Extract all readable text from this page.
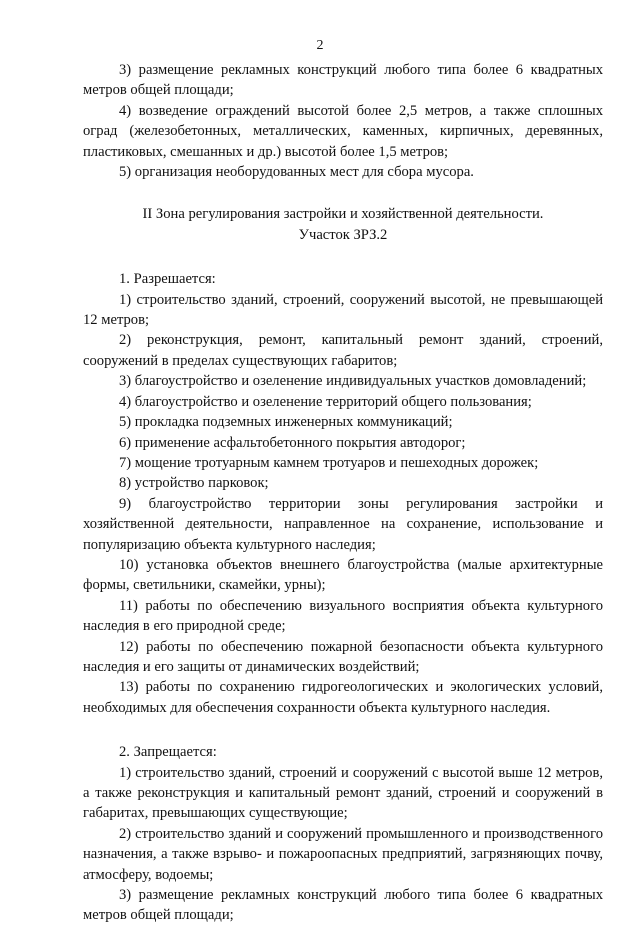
2

3) размещение рекламных конструкций любого типа более 6 квадратных метров общей площади;

4) возведение ограждений высотой более 2,5 метров, а также сплошных оград (железобетонных, металлических, каменных, кирпичных, деревянных, пластиковых, смешанных и др.) высотой более 1,5 метров;

5) организация необорудованных мест для сбора мусора.

II Зона регулирования застройки и хозяйственной деятельности.

Участок ЗРЗ.2

1. Разрешается:

1) строительство зданий, строений, сооружений высотой, не превышающей 12 метров;

2) реконструкция, ремонт, капитальный ремонт зданий, строений, сооружений в пределах существующих габаритов;

3) благоустройство и озеленение индивидуальных участков домовладений;

4) благоустройство и озеленение территорий общего пользования;

5) прокладка подземных инженерных коммуникаций;

6) применение асфальтобетонного покрытия автодорог;

7) мощение тротуарным камнем тротуаров и пешеходных дорожек;

8) устройство парковок;

9) благоустройство территории зоны регулирования застройки и хозяйственной деятельности, направленное на сохранение, использование и популяризацию объекта культурного наследия;

10) установка объектов внешнего благоустройства (малые архитектурные формы, светильники, скамейки, урны);

11) работы по обеспечению визуального восприятия объекта культурного наследия в его природной среде;

12) работы по обеспечению пожарной безопасности объекта культурного наследия и его защиты от динамических воздействий;

13) работы по сохранению гидрогеологических и экологических условий, необходимых для обеспечения сохранности объекта культурного наследия.

2. Запрещается:

1) строительство зданий, строений и сооружений с высотой выше 12 метров, а также реконструкция и капитальный ремонт зданий, строений и сооружений в габаритах, превышающих существующие;

2) строительство зданий и сооружений промышленного и производственного назначения, а также взрыво- и пожароопасных предприятий, загрязняющих почву, атмосферу, водоемы;

3) размещение рекламных конструкций любого типа более 6 квадратных метров общей площади;
